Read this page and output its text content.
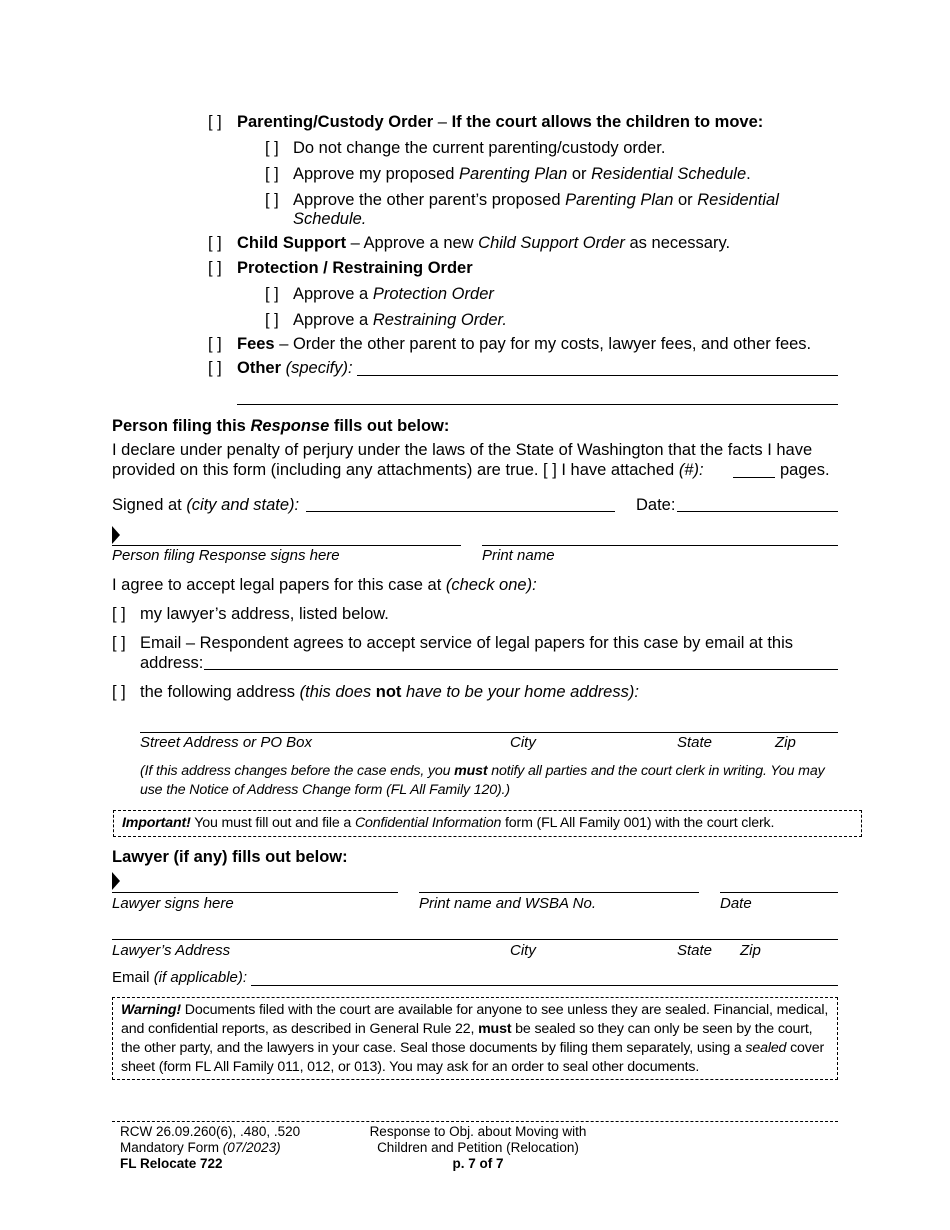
[ ] Parenting/Custody Order – If the court allows the children to move:
[ ] Do not change the current parenting/custody order.
[ ] Approve my proposed Parenting Plan or Residential Schedule.
[ ] Approve the other parent’s proposed Parenting Plan or Residential
Schedule.
[ ] Child Support – Approve a new Child Support Order as necessary.
[ ] Protection / Restraining Order
[ ] Approve a Protection Order
[ ] Approve a Restraining Order.
[ ] Fees – Order the other parent to pay for my costs, lawyer fees, and other fees.
[ ] Other (specify):
Person filing this Response fills out below:
I declare under penalty of perjury under the laws of the State of Washington that the facts I have
provided on this form (including any attachments) are true. [ ] I have attached (#):	pages.
Signed at (city and state):	Date:
Person filing Response signs here	Print name
I agree to accept legal papers for this case at (check one):
[ ] my lawyer’s address, listed below.
[ ] Email – Respondent agrees to accept service of legal papers for this case by email at this
address:
[ ] the following address (this does not have to be your home address):
Street Address or PO Box	City	State	Zip
(If this address changes before the case ends, you must notify all parties and the court clerk in writing. You may
use the Notice of Address Change form (FL All Family 120).)
Important! You must fill out and file a Confidential Information form (FL All Family 001) with the court clerk.
Lawyer (if any) fills out below:
Lawyer signs here	Print name and WSBA No.	Date
Lawyer’s Address	City	State Zip
Email (if applicable):
Warning! Documents filed with the court are available for anyone to see unless they are sealed. Financial, medical,
and confidential reports, as described in General Rule 22, must be sealed so they can only be seen by the court,
the other party, and the lawyers in your case. Seal those documents by filing them separately, using a sealed cover
sheet (form FL All Family 011, 012, or 013). You may ask for an order to seal other documents.
RCW 26.09.260(6), .480, .520
Mandatory Form (07/2023)
FL Relocate 722
Response to Obj. about Moving with
Children and Petition (Relocation)
p. 7 of 7
